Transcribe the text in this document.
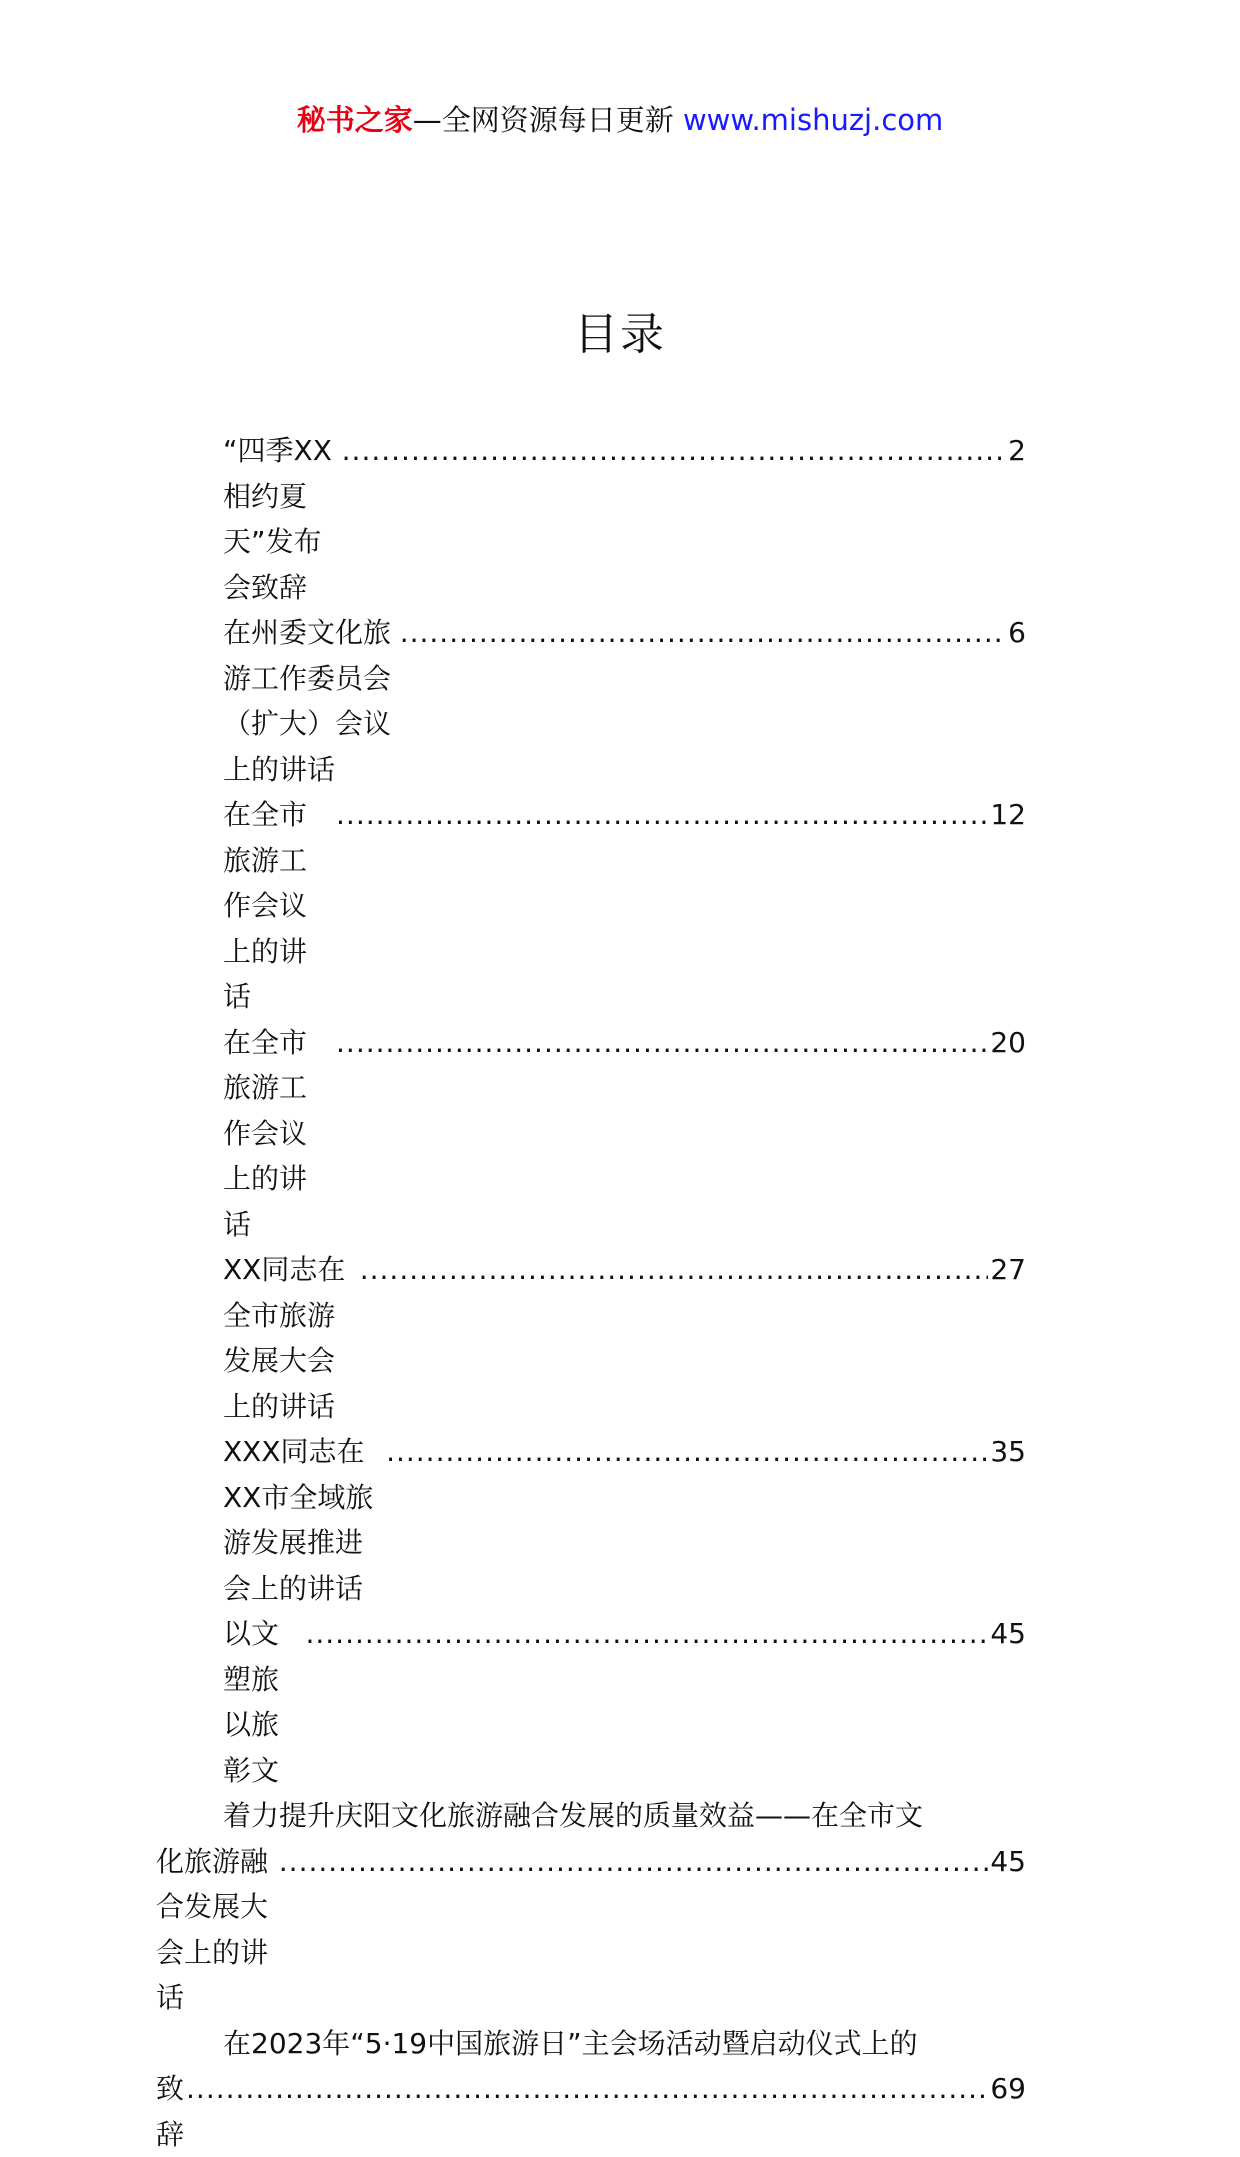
秘书之家—全网资源每日更新 www.mishuzj.com
目录
“四季XX相约夏天”发布会致辞
.....
2
在州委文化旅游工作委员会（扩大）会议上的讲话
.....
6
在全市旅游工作会议上的讲话
.....
12
在全市旅游工作会议上的讲话
.....
20
XX同志在全市旅游发展大会上的讲话
.....
27
XXX同志在XX市全域旅游发展推进会上的讲话
.....
35
以文塑旅　以旅彰文
.....
45
着力提升庆阳文化旅游融合发展的质量效益——在全市文
化旅游融合发展大会上的讲话
.....
45
在2023年“5·19中国旅游日”主会场活动暨启动仪式上的
致辞
.....
69
